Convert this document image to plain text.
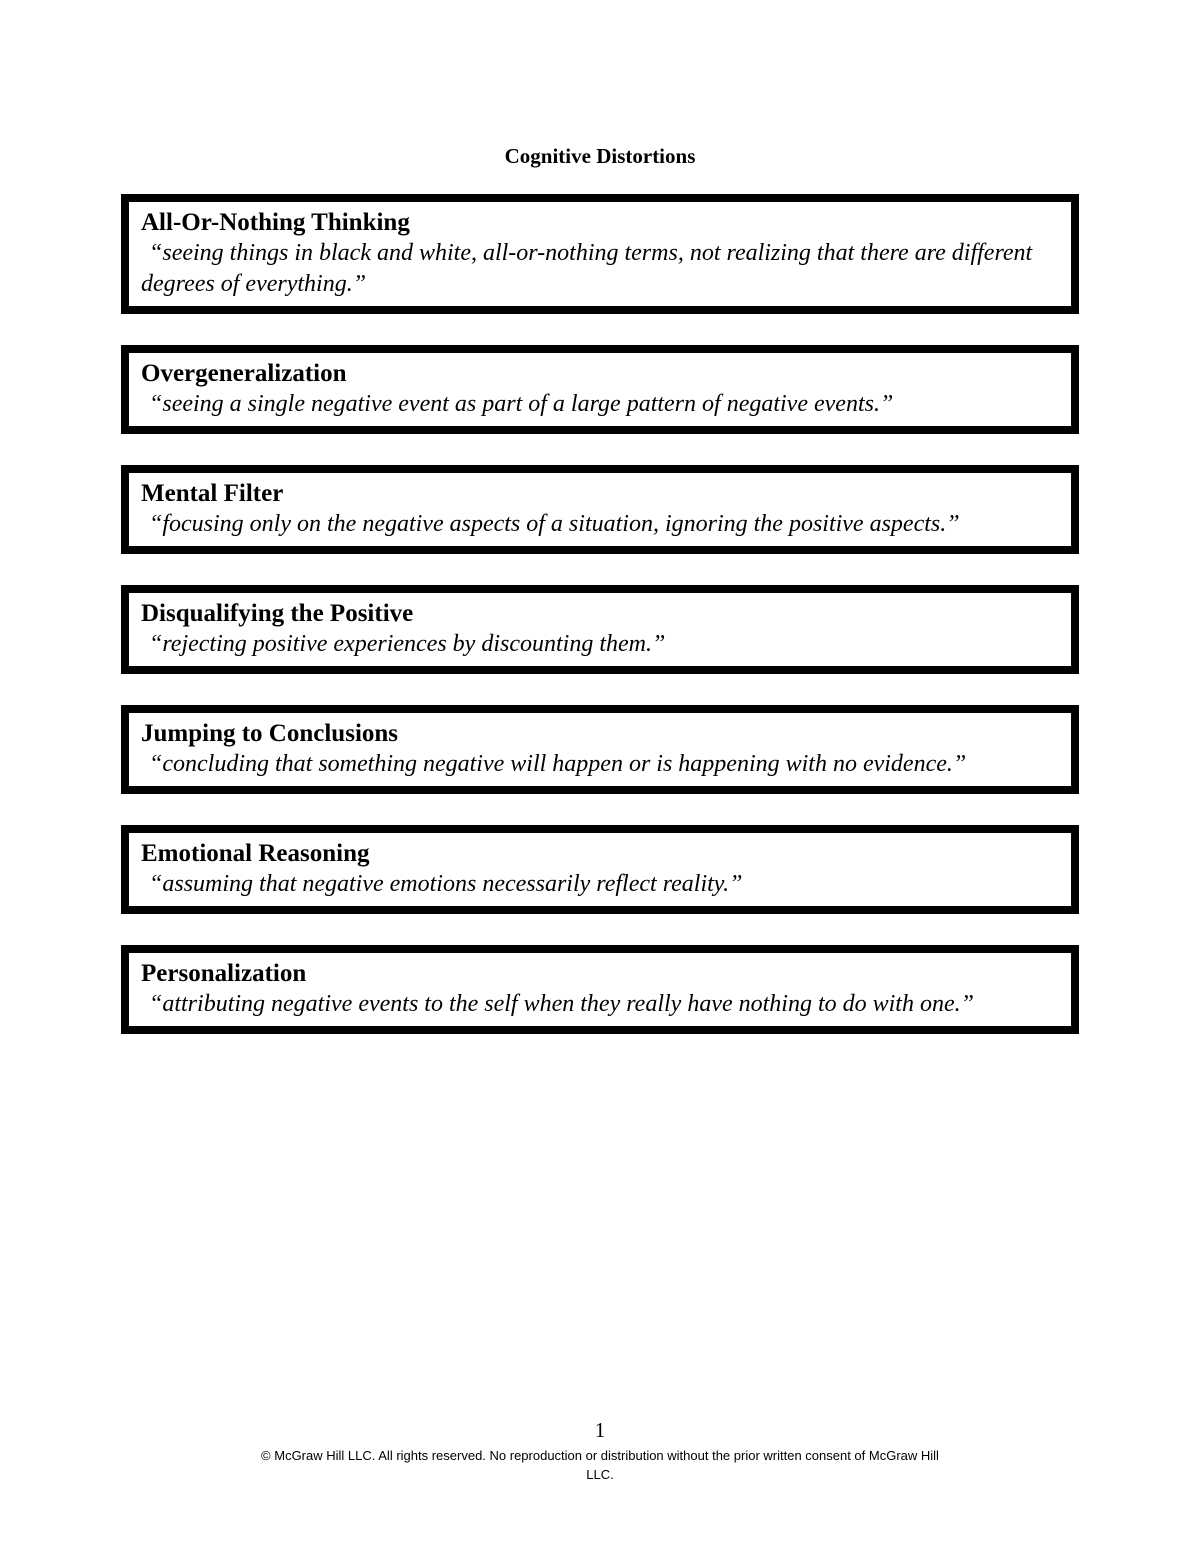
Cognitive Distortions
All-Or-Nothing Thinking
“seeing things in black and white, all-or-nothing terms, not realizing that there are different degrees of everything.”
Overgeneralization
“seeing a single negative event as part of a large pattern of negative events.”
Mental Filter
“focusing only on the negative aspects of a situation, ignoring the positive aspects.”
Disqualifying the Positive
“rejecting positive experiences by discounting them.”
Jumping to Conclusions
“concluding that something negative will happen or is happening with no evidence.”
Emotional Reasoning
“assuming that negative emotions necessarily reflect reality.”
Personalization
“attributing negative events to the self when they really have nothing to do with one.”
1
© McGraw Hill LLC. All rights reserved. No reproduction or distribution without the prior written consent of McGraw Hill LLC.
